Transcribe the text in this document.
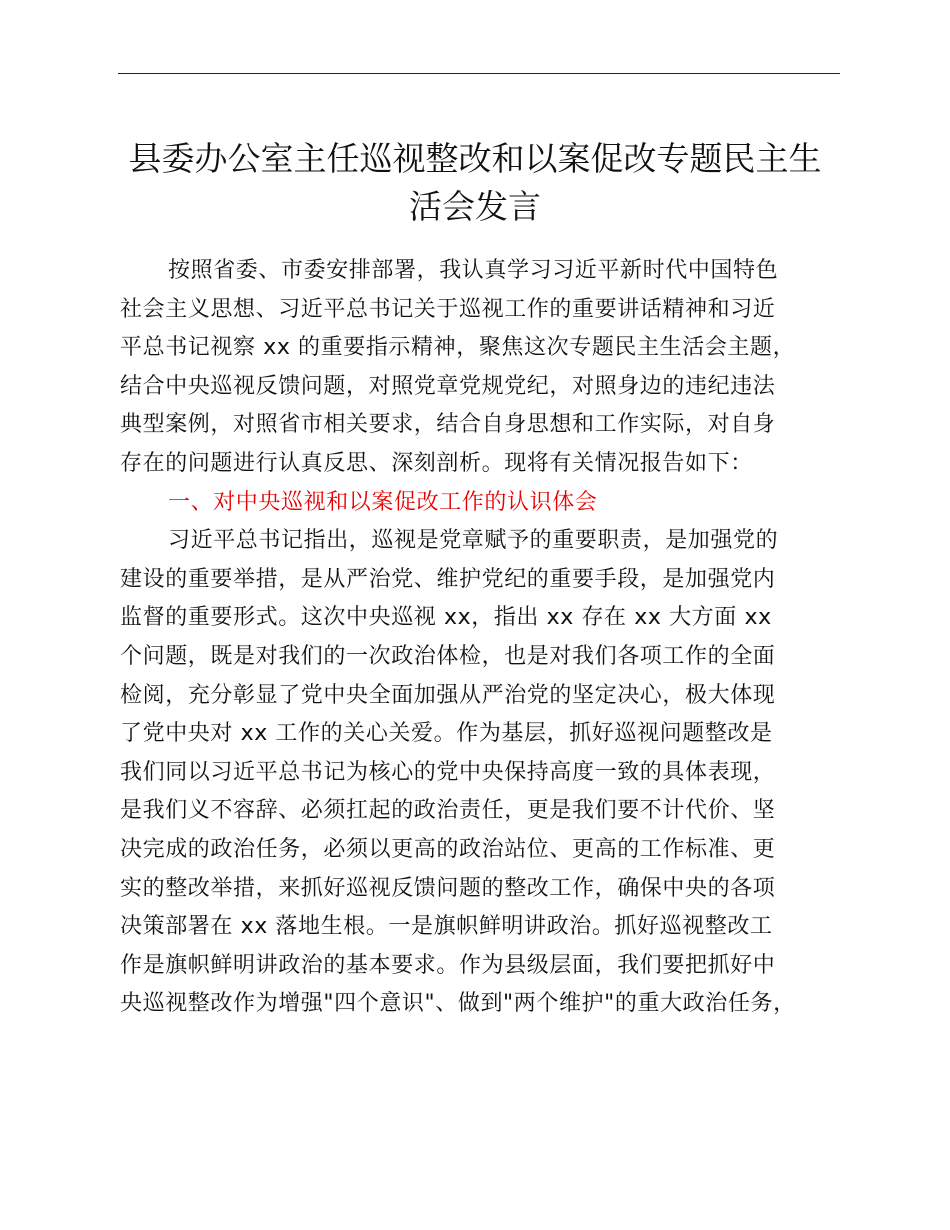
县委办公室主任巡视整改和以案促改专题民主生
活会发言
按照省委、市委安排部署，我认真学习习近平新时代中国特色
社会主义思想、习近平总书记关于巡视工作的重要讲话精神和习近
平总书记视察 xx 的重要指示精神，聚焦这次专题民主生活会主题，
结合中央巡视反馈问题，对照党章党规党纪，对照身边的违纪违法
典型案例，对照省市相关要求，结合自身思想和工作实际，对自身
存在的问题进行认真反思、深刻剖析。现将有关情况报告如下：
一、对中央巡视和以案促改工作的认识体会
习近平总书记指出，巡视是党章赋予的重要职责，是加强党的
建设的重要举措，是从严治党、维护党纪的重要手段，是加强党内
监督的重要形式。这次中央巡视 xx，指出 xx 存在 xx 大方面 xx
个问题，既是对我们的一次政治体检，也是对我们各项工作的全面
检阅，充分彰显了党中央全面加强从严治党的坚定决心，极大体现
了党中央对 xx 工作的关心关爱。作为基层，抓好巡视问题整改是
我们同以习近平总书记为核心的党中央保持高度一致的具体表现，
是我们义不容辞、必须扛起的政治责任，更是我们要不计代价、坚
决完成的政治任务，必须以更高的政治站位、更高的工作标准、更
实的整改举措，来抓好巡视反馈问题的整改工作，确保中央的各项
决策部署在 xx 落地生根。一是旗帜鲜明讲政治。抓好巡视整改工
作是旗帜鲜明讲政治的基本要求。作为县级层面，我们要把抓好中
央巡视整改作为增强"四个意识"、做到"两个维护"的重大政治任务，
